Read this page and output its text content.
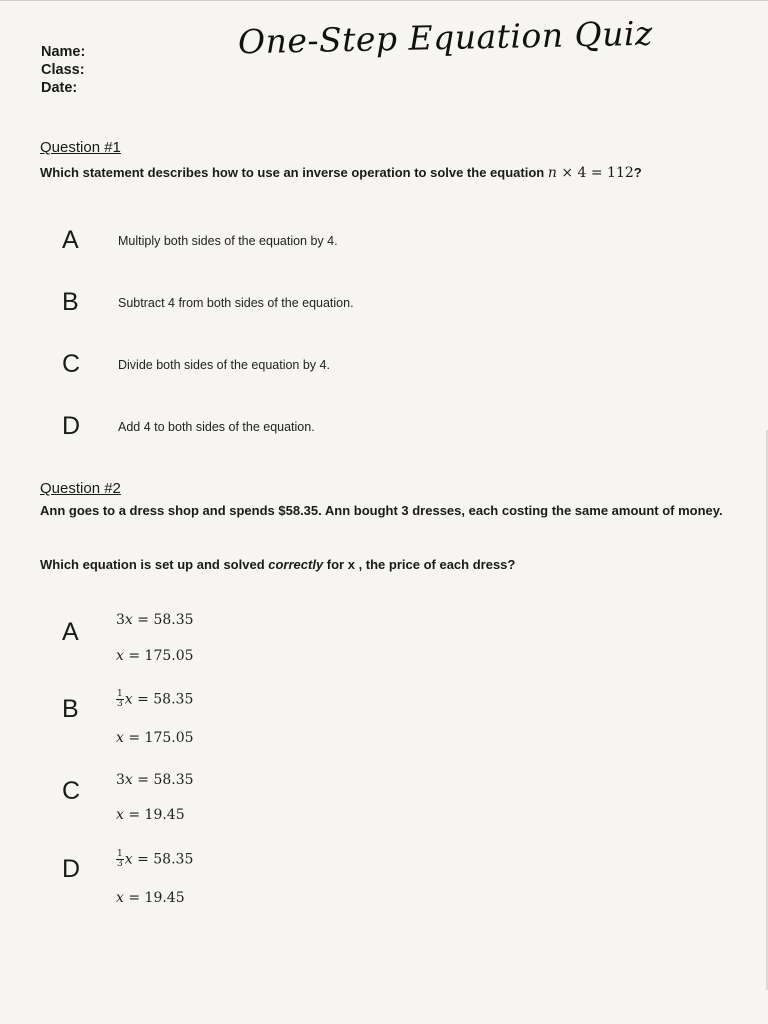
One-Step Equation Quiz
Name:
Class:
Date:
Question #1
Which statement describes how to use an inverse operation to solve the equation n × 4 = 112?
A	Multiply both sides of the equation by 4.
B	Subtract 4 from both sides of the equation.
C	Divide both sides of the equation by 4.
D	Add 4 to both sides of the equation.
Question #2
Ann goes to a dress shop and spends $58.35. Ann bought 3 dresses, each costing the same amount of money.
Which equation is set up and solved correctly for x , the price of each dress?
A	3x = 58.35
x = 175.05
B	$\frac{1}{3}$ x = 58.35
x = 175.05
C	3x = 58.35
x = 19.45
D	$\frac{1}{3}$ x = 58.35
x = 19.45
